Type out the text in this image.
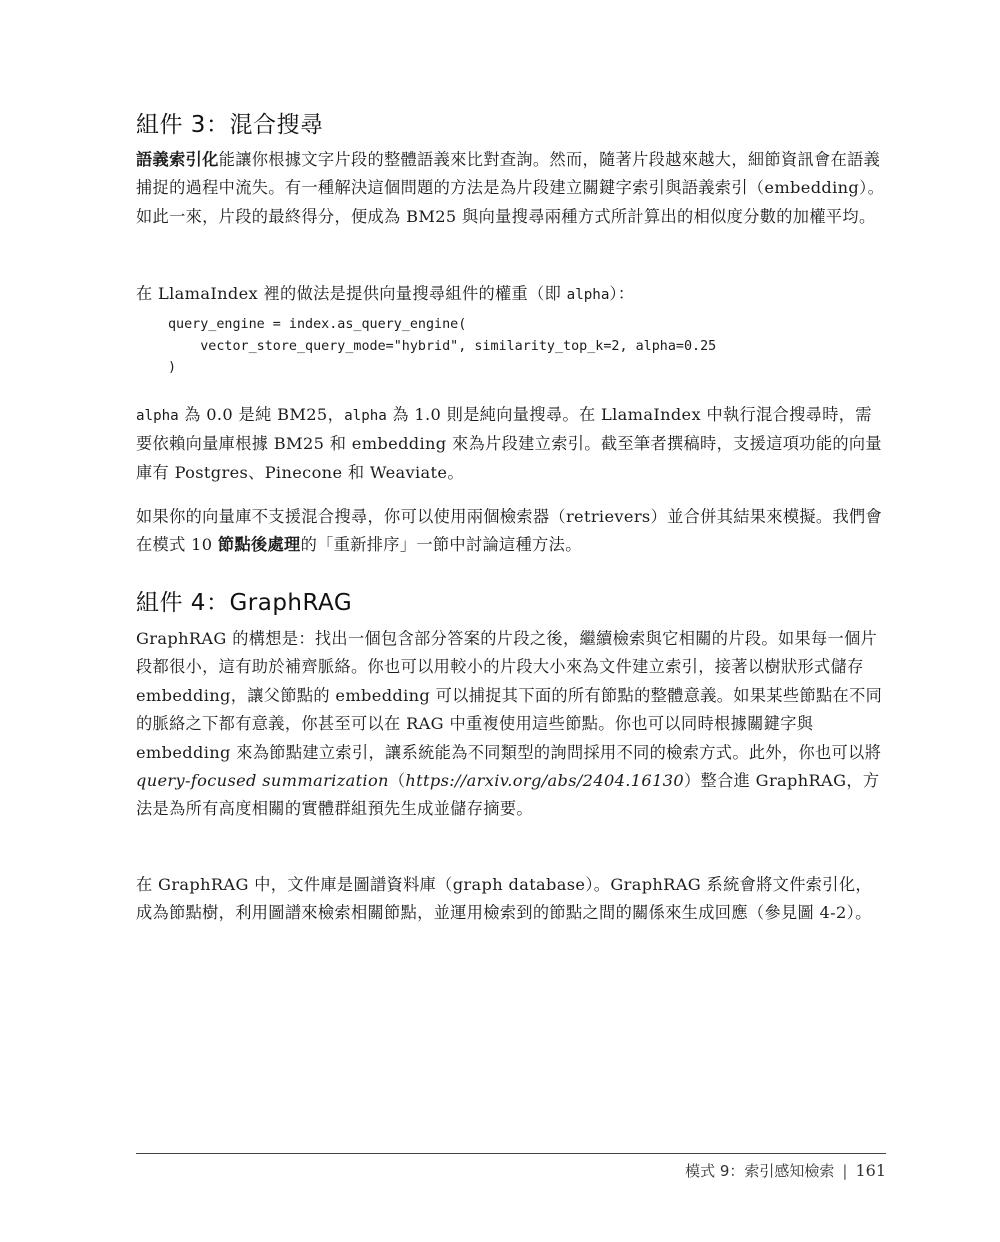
組件 3：混合搜尋

語義索引化能讓你根據文字片段的整體語義來比對查詢。然而，隨著片段越來越大，細節資訊會在語義捕捉的過程中流失。有一種解決這個問題的方法是為片段建立關鍵字索引與語義索引（embedding）。如此一來，片段的最終得分，便成為 BM25 與向量搜尋兩種方式所計算出的相似度分數的加權平均。

在 LlamaIndex 裡的做法是提供向量搜尋組件的權重（即 alpha）：

query_engine = index.as_query_engine(
vector_store_query_mode="hybrid", similarity_top_k=2, alpha=0.25
)

alpha 為 0.0 是純 BM25，alpha 為 1.0 則是純向量搜尋。在 LlamaIndex 中執行混合搜尋時，需要依賴向量庫根據 BM25 和 embedding 來為片段建立索引。截至筆者撰稿時，支援這項功能的向量庫有 Postgres、Pinecone 和 Weaviate。

如果你的向量庫不支援混合搜尋，你可以使用兩個檢索器（retrievers）並合併其結果來模擬。我們會在模式 10 節點後處理的「重新排序」一節中討論這種方法。

組件 4：GraphRAG

GraphRAG 的構想是：找出一個包含部分答案的片段之後，繼續檢索與它相關的片段。如果每一個片段都很小，這有助於補齊脈絡。你也可以用較小的片段大小來為文件建立索引，接著以樹狀形式儲存 embedding，讓父節點的 embedding 可以捕捉其下面的所有節點的整體意義。如果某些節點在不同的脈絡之下都有意義，你甚至可以在 RAG 中重複使用這些節點。你也可以同時根據關鍵字與 embedding 來為節點建立索引，讓系統能為不同類型的詢問採用不同的檢索方式。此外，你也可以將 query-focused summarization（https://arxiv.org/abs/2404.16130）整合進 GraphRAG，方法是為所有高度相關的實體群組預先生成並儲存摘要。

在 GraphRAG 中，文件庫是圖譜資料庫（graph database）。GraphRAG 系統會將文件索引化，成為節點樹，利用圖譜來檢索相關節點，並運用檢索到的節點之間的關係來生成回應（參見圖 4-2）。

模式 9：索引感知檢索 | 161
